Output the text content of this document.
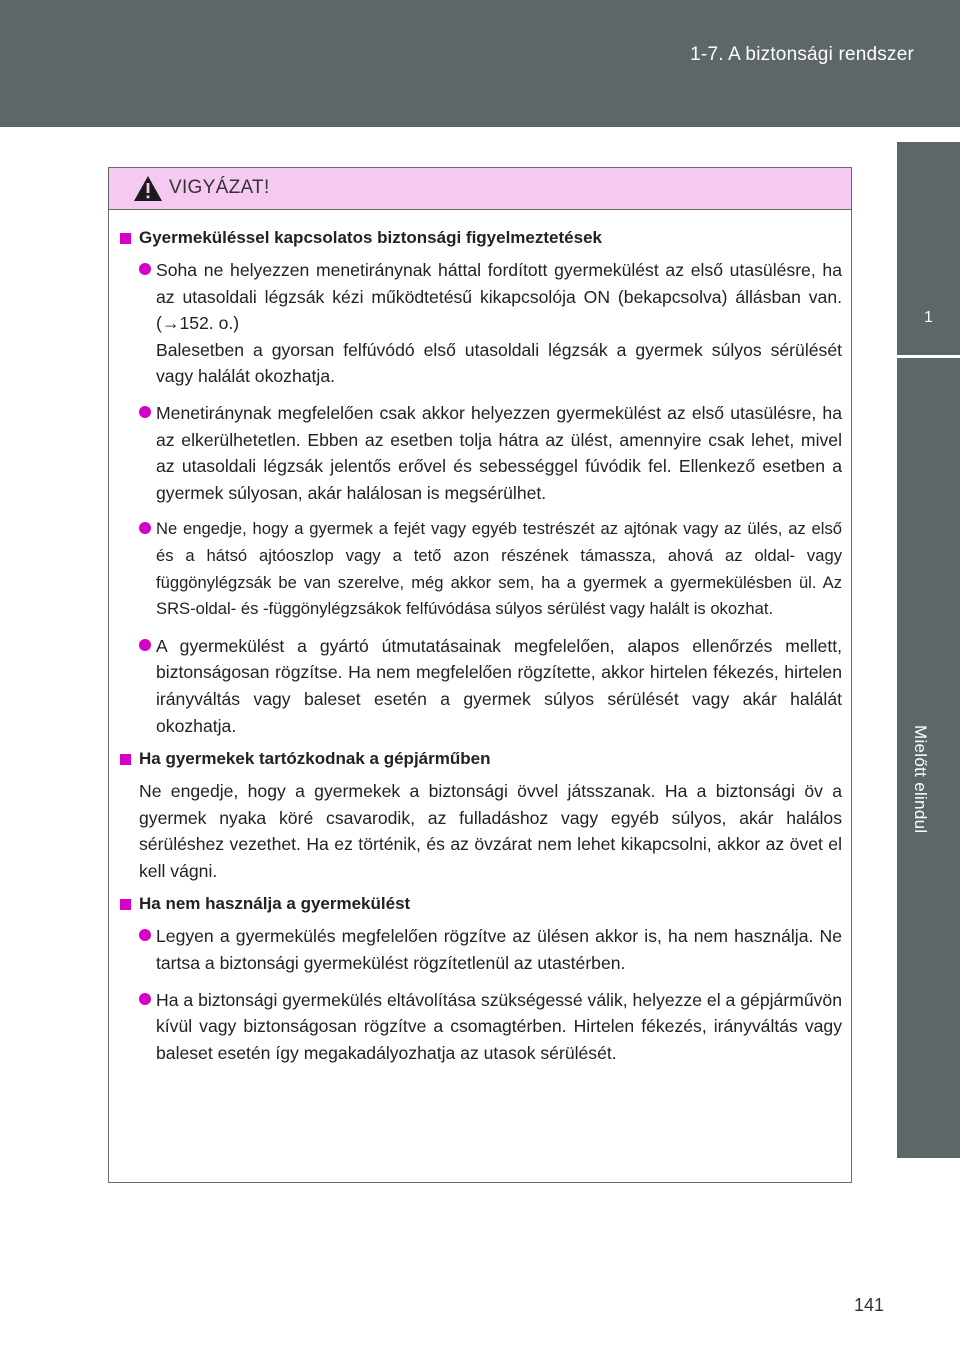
1-7. A biztonsági rendszer
1
Mielőtt elindul
VIGYÁZAT!
Gyermeküléssel kapcsolatos biztonsági figyelmeztetések

Soha ne helyezzen menetiránynak háttal fordított gyermekülést az első utasülésre, ha az utasoldali légzsák kézi működtetésű kikapcsolója ON (bekapcsolva) állásban van. (→152. o.)

Balesetben a gyorsan felfúvódó első utasoldali légzsák a gyermek súlyos sérülését vagy halálát okozhatja.

Menetiránynak megfelelően csak akkor helyezzen gyermekülést az első utasülésre, ha az elkerülhetetlen. Ebben az esetben tolja hátra az ülést, amennyire csak lehet, mivel az utasoldali légzsák jelentős erővel és sebességgel fúvódik fel. Ellenkező esetben a gyermek súlyosan, akár halálosan is megsérülhet.

Ne engedje, hogy a gyermek a fejét vagy egyéb testrészét az ajtónak vagy az ülés, az első és a hátsó ajtóoszlop vagy a tető azon részének támassza, ahová az oldal- vagy függönylégzsák be van szerelve, még akkor sem, ha a gyermek a gyermekülésben ül. Az SRS-oldal- és -függönylégzsákok felfúvódása súlyos sérülést vagy halált is okozhat.

A gyermekülést a gyártó útmutatásainak megfelelően, alapos ellenőrzés mellett, biztonságosan rögzítse. Ha nem megfelelően rögzítette, akkor hirtelen fékezés, hirtelen irányváltás vagy baleset esetén a gyermek súlyos sérülését vagy akár halálát okozhatja.

Ha gyermekek tartózkodnak a gépjárműben

Ne engedje, hogy a gyermekek a biztonsági övvel játsszanak. Ha a biztonsági öv a gyermek nyaka köré csavarodik, az fulladáshoz vagy egyéb súlyos, akár halálos sérüléshez vezethet. Ha ez történik, és az övzárat nem lehet kikapcsolni, akkor az övet el kell vágni.

Ha nem használja a gyermekülést

Legyen a gyermekülés megfelelően rögzítve az ülésen akkor is, ha nem használja. Ne tartsa a biztonsági gyermekülést rögzítetlenül az utastérben.

Ha a biztonsági gyermekülés eltávolítása szükségessé válik, helyezze el a gépjárművön kívül vagy biztonságosan rögzítve a csomagtérben. Hirtelen fékezés, irányváltás vagy baleset esetén így megakadályozhatja az utasok sérülését.

141
